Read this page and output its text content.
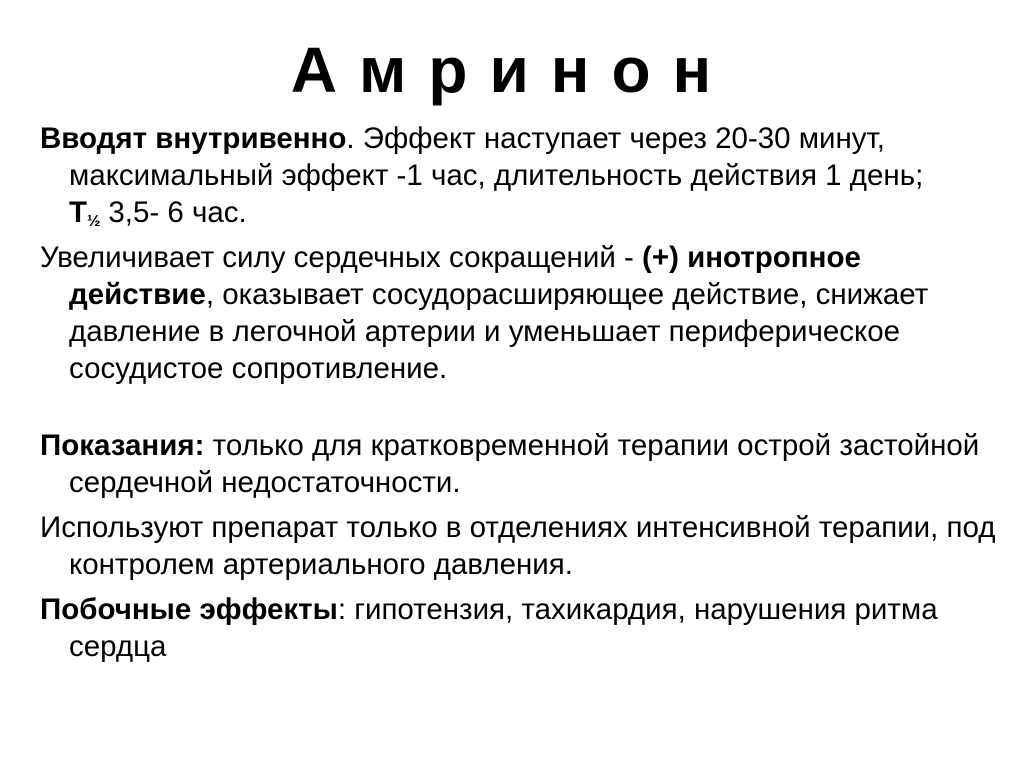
Амринон

Вводят внутривенно. Эффект наступает через 20-30 минут, максимальный эффект -1 час, длительность действия 1 день; T½ 3,5- 6 час.

Увеличивает силу сердечных сокращений - (+) инотропное действие, оказывает сосудорасширяющее действие, снижает давление в легочной артерии и уменьшает периферическое сосудистое сопротивление.

Показания: только для кратковременной терапии острой застойной сердечной недостаточности.

Используют препарат только в отделениях интенсивной терапии, под контролем артериального давления.

Побочные эффекты: гипотензия, тахикардия, нарушения ритма сердца
